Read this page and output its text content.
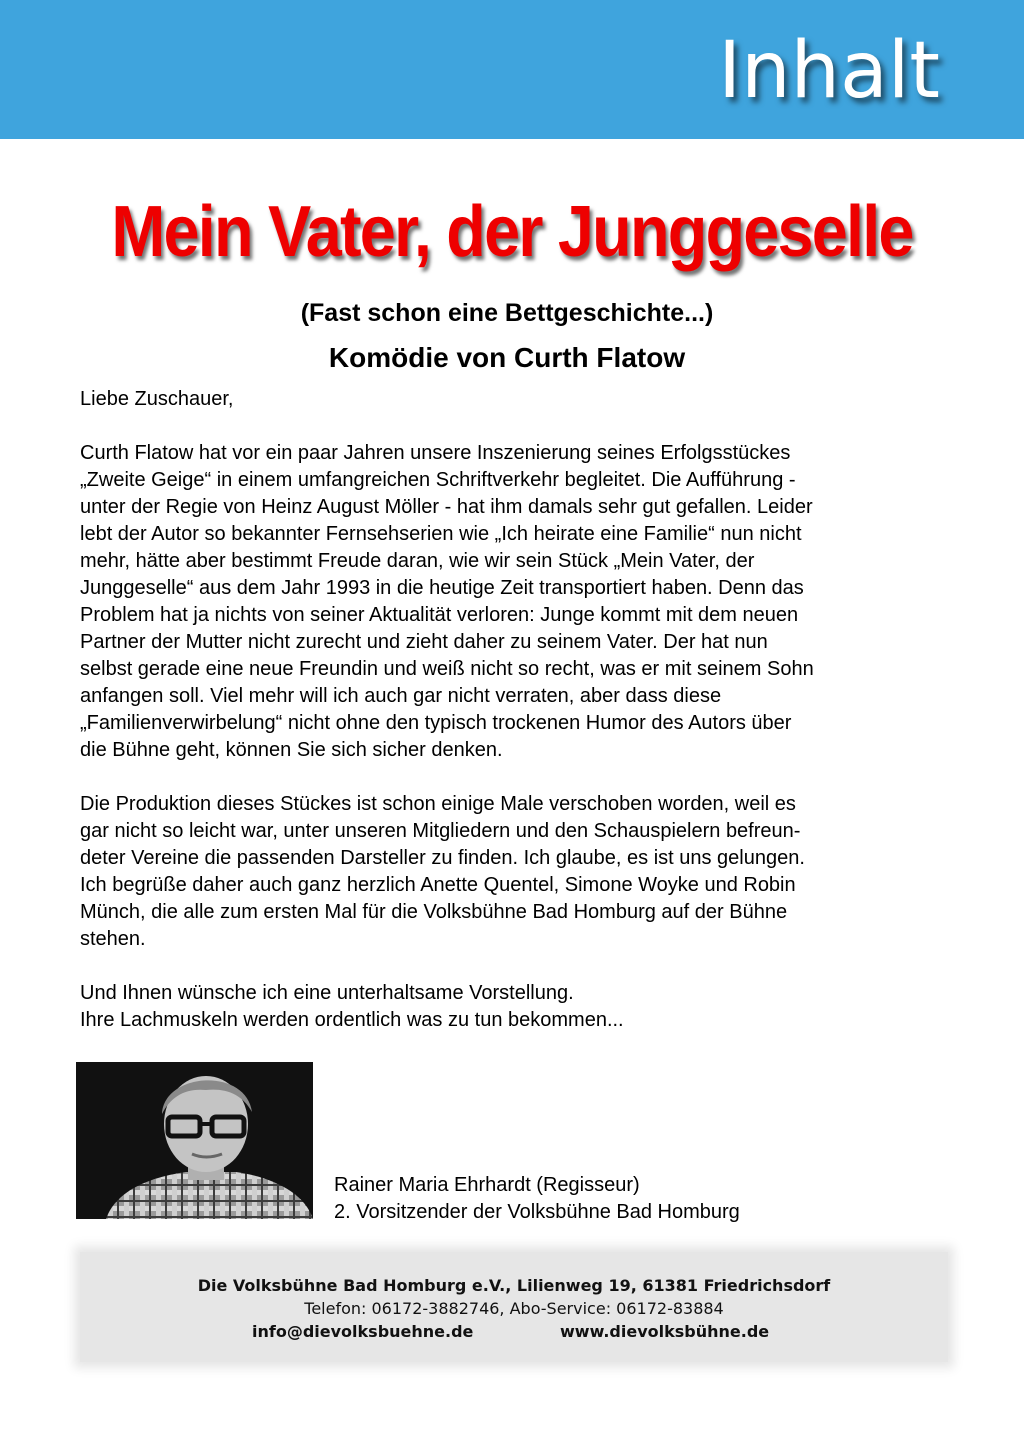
Inhalt
Mein Vater, der Junggeselle
(Fast schon eine Bettgeschichte...)
Komödie von Curth Flatow

Liebe Zuschauer,

Curth Flatow hat vor ein paar Jahren unsere Inszenierung seines Erfolgsstückes

„Zweite Geige“ in einem umfangreichen Schriftverkehr begleitet. Die Aufführung -

unter der Regie von Heinz August Möller - hat ihm damals sehr gut gefallen. Leider

lebt der Autor so bekannter Fernsehserien wie „Ich heirate eine Familie“ nun nicht

mehr, hätte aber bestimmt Freude daran, wie wir sein Stück „Mein Vater, der

Junggeselle“ aus dem Jahr 1993 in die heutige Zeit transportiert haben. Denn das

Problem hat ja nichts von seiner Aktualität verloren: Junge kommt mit dem neuen

Partner der Mutter nicht zurecht und zieht daher zu seinem Vater. Der hat nun

selbst gerade eine neue Freundin und weiß nicht so recht, was er mit seinem Sohn

anfangen soll. Viel mehr will ich auch gar nicht verraten, aber dass diese

„Familienverwirbelung“ nicht ohne den typisch trockenen Humor des Autors über

die Bühne geht, können Sie sich sicher denken.

Die Produktion dieses Stückes ist schon einige Male verschoben worden, weil es

gar nicht so leicht war, unter unseren Mitgliedern und den Schauspielern befreun-

deter Vereine die passenden Darsteller zu finden. Ich glaube, es ist uns gelungen.

Ich begrüße daher auch ganz herzlich Anette Quentel, Simone Woyke und Robin

Münch, die alle zum ersten Mal für die Volksbühne Bad Homburg auf der Bühne

stehen.

Und Ihnen wünsche ich eine unterhaltsame Vorstellung.

Ihre Lachmuskeln werden ordentlich was zu tun bekommen...

Rainer Maria Ehrhardt (Regisseur)
2. Vorsitzender der Volksbühne Bad Homburg
Die Volksbühne Bad Homburg e.V., Lilienweg 19, 61381 Friedrichsdorf
Telefon: 06172-3882746, Abo-Service: 06172-83884
info@dievolksbuehne.de	www.dievolksbühne.de
